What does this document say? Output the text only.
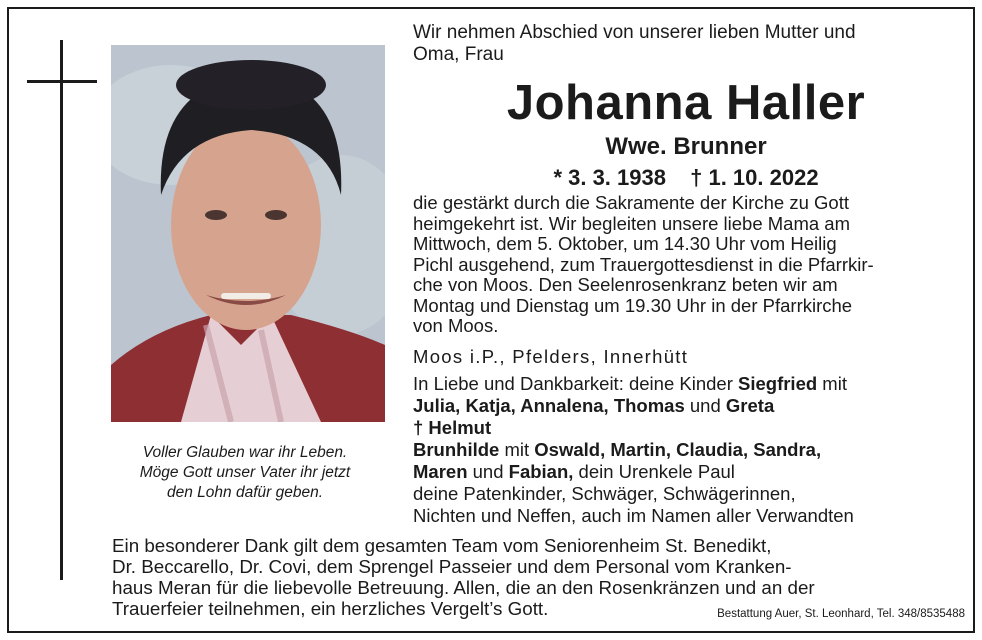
Voller Glauben war ihr Leben.
Möge Gott unser Vater ihr jetzt
den Lohn dafür geben.
Wir nehmen Abschied von unserer lieben Mutter und
Oma, Frau
Johanna Haller
Wwe. Brunner
* 3. 3. 1938 † 1. 10. 2022
die gestärkt durch die Sakramente der Kirche zu Gott
heimgekehrt ist. Wir begleiten unsere liebe Mama am
Mittwoch, dem 5. Oktober, um 14.30 Uhr vom Heilig
Pichl ausgehend, zum Trauergottesdienst in die Pfarrkir-
che von Moos. Den Seelenrosenkranz beten wir am
Montag und Dienstag um 19.30 Uhr in der Pfarrkirche
von Moos.
Moos i.P., Pfelders, Innerhütt
In Liebe und Dankbarkeit: deine Kinder Siegfried mit
Julia, Katja, Annalena, Thomas und Greta
† Helmut
Brunhilde mit Oswald, Martin, Claudia, Sandra,
Maren und Fabian, dein Urenkele Paul
deine Patenkinder, Schwäger, Schwägerinnen,
Nichten und Neffen, auch im Namen aller Verwandten
Ein besonderer Dank gilt dem gesamten Team vom Seniorenheim St. Benedikt,
Dr. Beccarello, Dr. Covi, dem Sprengel Passeier und dem Personal vom Kranken-
haus Meran für die liebevolle Betreuung. Allen, die an den Rosenkränzen und an der
Trauerfeier teilnehmen, ein herzliches Vergelt’s Gott.	Bestattung Auer, St. Leonhard, Tel. 348/8535488
